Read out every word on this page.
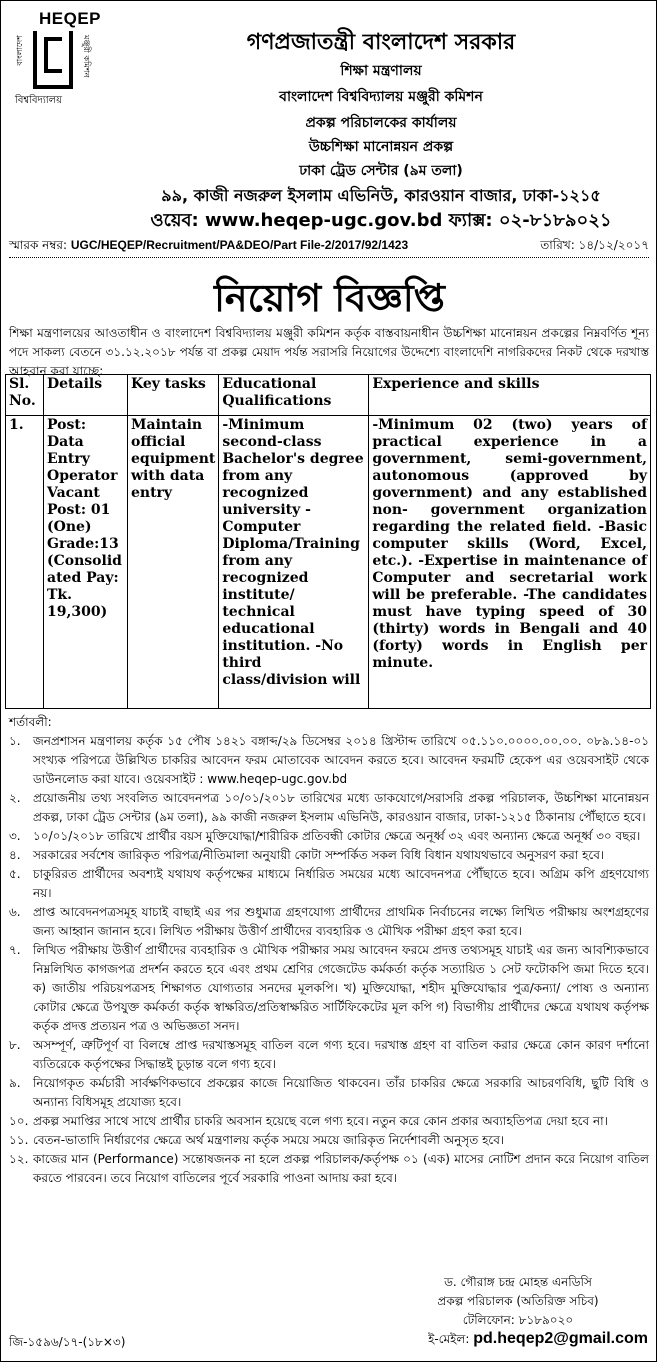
HEQEP
বাংলাদেশ	মঞ্জুরী কমিশন
বিশ্ববিদ্যালয়
গণপ্রজাতন্ত্রী বাংলাদেশ সরকার
শিক্ষা মন্ত্রণালয়
বাংলাদেশ বিশ্ববিদ্যালয় মঞ্জুরী কমিশন
প্রকল্প পরিচালকের কার্যালয়
উচ্চশিক্ষা মানোন্নয়ন প্রকল্প
ঢাকা ট্রেড সেন্টার (৯ম তলা)
৯৯, কাজী নজরুল ইসলাম এভিনিউ, কারওয়ান বাজার, ঢাকা-১২১৫
ওয়েব: www.heqep-ugc.gov.bd ফ্যাক্স: ০২-৮১৮৯০২১
স্মারক নম্বর: UGC/HEQEP/Recruitment/PA&DEO/Part File-2/2017/92/1423	তারিখ: ১৪/১২/২০১৭
নিয়োগ বিজ্ঞপ্তি
শিক্ষা মন্ত্রণালয়ের আওতাধীন ও বাংলাদেশ বিশ্ববিদ্যালয় মঞ্জুরী কমিশন কর্তৃক বাস্তবায়নাধীন উচ্চশিক্ষা মানোন্নয়ন প্রকল্পের নিম্নবর্ণিত শূন্য পদে সাকল্য বেতনে ৩১.১২.২০১৮ পর্যন্ত বা প্রকল্প মেয়াদ পর্যন্ত সরাসরি নিয়োগের উদ্দেশ্যে বাংলাদেশি নাগরিকদের নিকট থেকে দরখাস্ত আহবান করা যাচ্ছে:
Sl. No.	Details	Key tasks	Educational Qualifications	Experience and skills
1.	Post: Data Entry Operator Vacant Post: 01 (One) Grade:13 (Consolid ated Pay: Tk. 19,300)	Maintain official equipment with data entry	-Minimum second-class Bachelor's degree from any recognized university -Computer Diploma/Training from any recognized institute/ technical educational institution. -No third class/division will	-Minimum 02 (two) years of practical experience in a government, semi-government, autonomous (approved by government) and any established non- government organization regarding the related field. -Basic computer skills (Word, Excel, etc.). -Expertise in maintenance of Computer and secretarial work will be preferable. -The candidates must have typing speed of 30 (thirty) words in Bengali and 40 (forty) words in English per minute.
শর্তাবলী:
১. জনপ্রশাসন মন্ত্রণালয় কর্তৃক ১৫ পৌষ ১৪২১ বঙ্গাব্দ/২৯ ডিসেম্বর ২০১৪ খ্রিস্টাব্দ তারিখে ০৫.১১০.০০০০.০০.০০. ০৮৯.১৪-০১ সংখ্যক পরিপত্রে উল্লিখিত চাকরির আবেদন ফরম মোতাবেক আবেদন করতে হবে। আবেদন ফরমটি হেকেপ এর ওয়েবসাইট থেকে ডাউনলোড করা যাবে। ওয়েবসাইট : www.heqep-ugc.gov.bd
২. প্রয়োজনীয় তথ্য সংবলিত আবেদনপত্র ১০/০১/২০১৮ তারিখের মধ্যে ডাকযোগে/সরাসরি প্রকল্প পরিচালক, উচ্চশিক্ষা মানোন্নয়ন প্রকল্প, ঢাকা ট্রেড সেন্টার (৯ম তলা), ৯৯ কাজী নজরুল ইসলাম এভিনিউ, কারওয়ান বাজার, ঢাকা-১২১৫ ঠিকানায় পৌঁছাতে হবে।
৩. ১০/০১/২০১৮ তারিখে প্রার্থীর বয়স মুক্তিযোদ্ধা/শারীরিক প্রতিবন্ধী কোটার ক্ষেত্রে অনূর্ধ্ব ৩২ এবং অন্যান্য ক্ষেত্রে অনূর্ধ্ব ৩০ বছর।
৪. সরকারের সর্বশেষ জারিকৃত পরিপত্র/নীতিমালা অনুযায়ী কোটা সম্পর্কিত সকল বিধি বিধান যথাযথভাবে অনুসরণ করা হবে।
৫. চাকুরিরত প্রার্থীদের অবশ্যই যথাযথ কর্তৃপক্ষের মাধ্যমে নির্ধারিত সময়ের মধ্যে আবেদনপত্র পৌঁছাতে হবে। অগ্রিম কপি গ্রহণযোগ্য নয়।
৬. প্রাপ্ত আবেদনপত্রসমূহ যাচাই বাছাই এর পর শুধুমাত্র গ্রহণযোগ্য প্রার্থীদের প্রাথমিক নির্বাচনের লক্ষ্যে লিখিত পরীক্ষায় অংশগ্রহণের জন্য আহ্বান জানান হবে। লিখিত পরীক্ষায় উত্তীর্ণ প্রার্থীদের ব্যবহারিক ও মৌখিক পরীক্ষা গ্রহণ করা হবে।
৭. লিখিত পরীক্ষায় উত্তীর্ণ প্রার্থীদের ব্যবহারিক ও মৌখিক পরীক্ষার সময় আবেদন ফরমে প্রদত্ত তথ্যসমূহ যাচাই এর জন্য আবশ্যিকভাবে নিম্নলিখিত কাগজপত্র প্রদর্শন করতে হবে এবং প্রথম শ্রেণির গেজেটেড কর্মকর্তা কর্তৃক সত্যায়িত ১ সেট ফটোকপি জমা দিতে হবে। ক) জাতীয় পরিচয়পত্রসহ শিক্ষাগত যোগ্যতার সনদের মূলকপি। খ) মুক্তিযোদ্ধা, শহীদ মুক্তিযোদ্ধার পুত্র/কন্যা/ পোষ্য ও অন্যান্য কোটার ক্ষেত্রে উপযুক্ত কর্মকর্তা কর্তৃক স্বাক্ষরিত/প্রতিস্বাক্ষরিত সার্টিফিকেটের মূল কপি গ) বিভাগীয় প্রার্থীদের ক্ষেত্রে যথাযথ কর্তৃপক্ষ কর্তৃক প্রদত্ত প্রত্যয়ন পত্র ও অভিজ্ঞতা সনদ।
৮. অসম্পূর্ণ, ত্রুটিপূর্ণ বা বিলম্বে প্রাপ্ত দরখাস্তসমূহ বাতিল বলে গণ্য হবে। দরখাস্ত গ্রহণ বা বাতিল করার ক্ষেত্রে কোন কারণ দর্শানো ব্যতিরেকে কর্তৃপক্ষের সিদ্ধান্তই চূড়ান্ত বলে গণ্য হবে।
৯. নিয়োগকৃত কর্মচারী সার্বক্ষণিকভাবে প্রকল্পের কাজে নিয়োজিত থাকবেন। তাঁর চাকরির ক্ষেত্রে সরকারি আচরণবিধি, ছুটি বিধি ও অন্যান্য বিধিসমূহ প্রযোজ্য হবে।
১০. প্রকল্প সমাপ্তির সাথে সাথে প্রার্থীর চাকরি অবসান হয়েছে বলে গণ্য হবে। নতুন করে কোন প্রকার অব্যাহতিপত্র দেয়া হবে না।
১১. বেতন-ভাতাদি নির্ধারণের ক্ষেত্রে অর্থ মন্ত্রণালয় কর্তৃক সময়ে সময়ে জারিকৃত নির্দেশাবলী অনুসৃত হবে।
১২. কাজের মান (Performance) সন্তোষজনক না হলে প্রকল্প পরিচালক/কর্তৃপক্ষ ০১ (এক) মাসের নোটিশ প্রদান করে নিয়োগ বাতিল করতে পারবেন। তবে নিয়োগ বাতিলের পূর্বে সরকারি পাওনা আদায় করা হবে।
ড. গৌরাঙ্গ চন্দ্র মোহন্ত এনডিসি
প্রকল্প পরিচালক (অতিরিক্ত সচিব)
টেলিফোন: ৮১৮৯০২০
ই-মেইল: pd.heqep2@gmail.com
জি-১৫৯৬/১৭-(১৮×৩)
